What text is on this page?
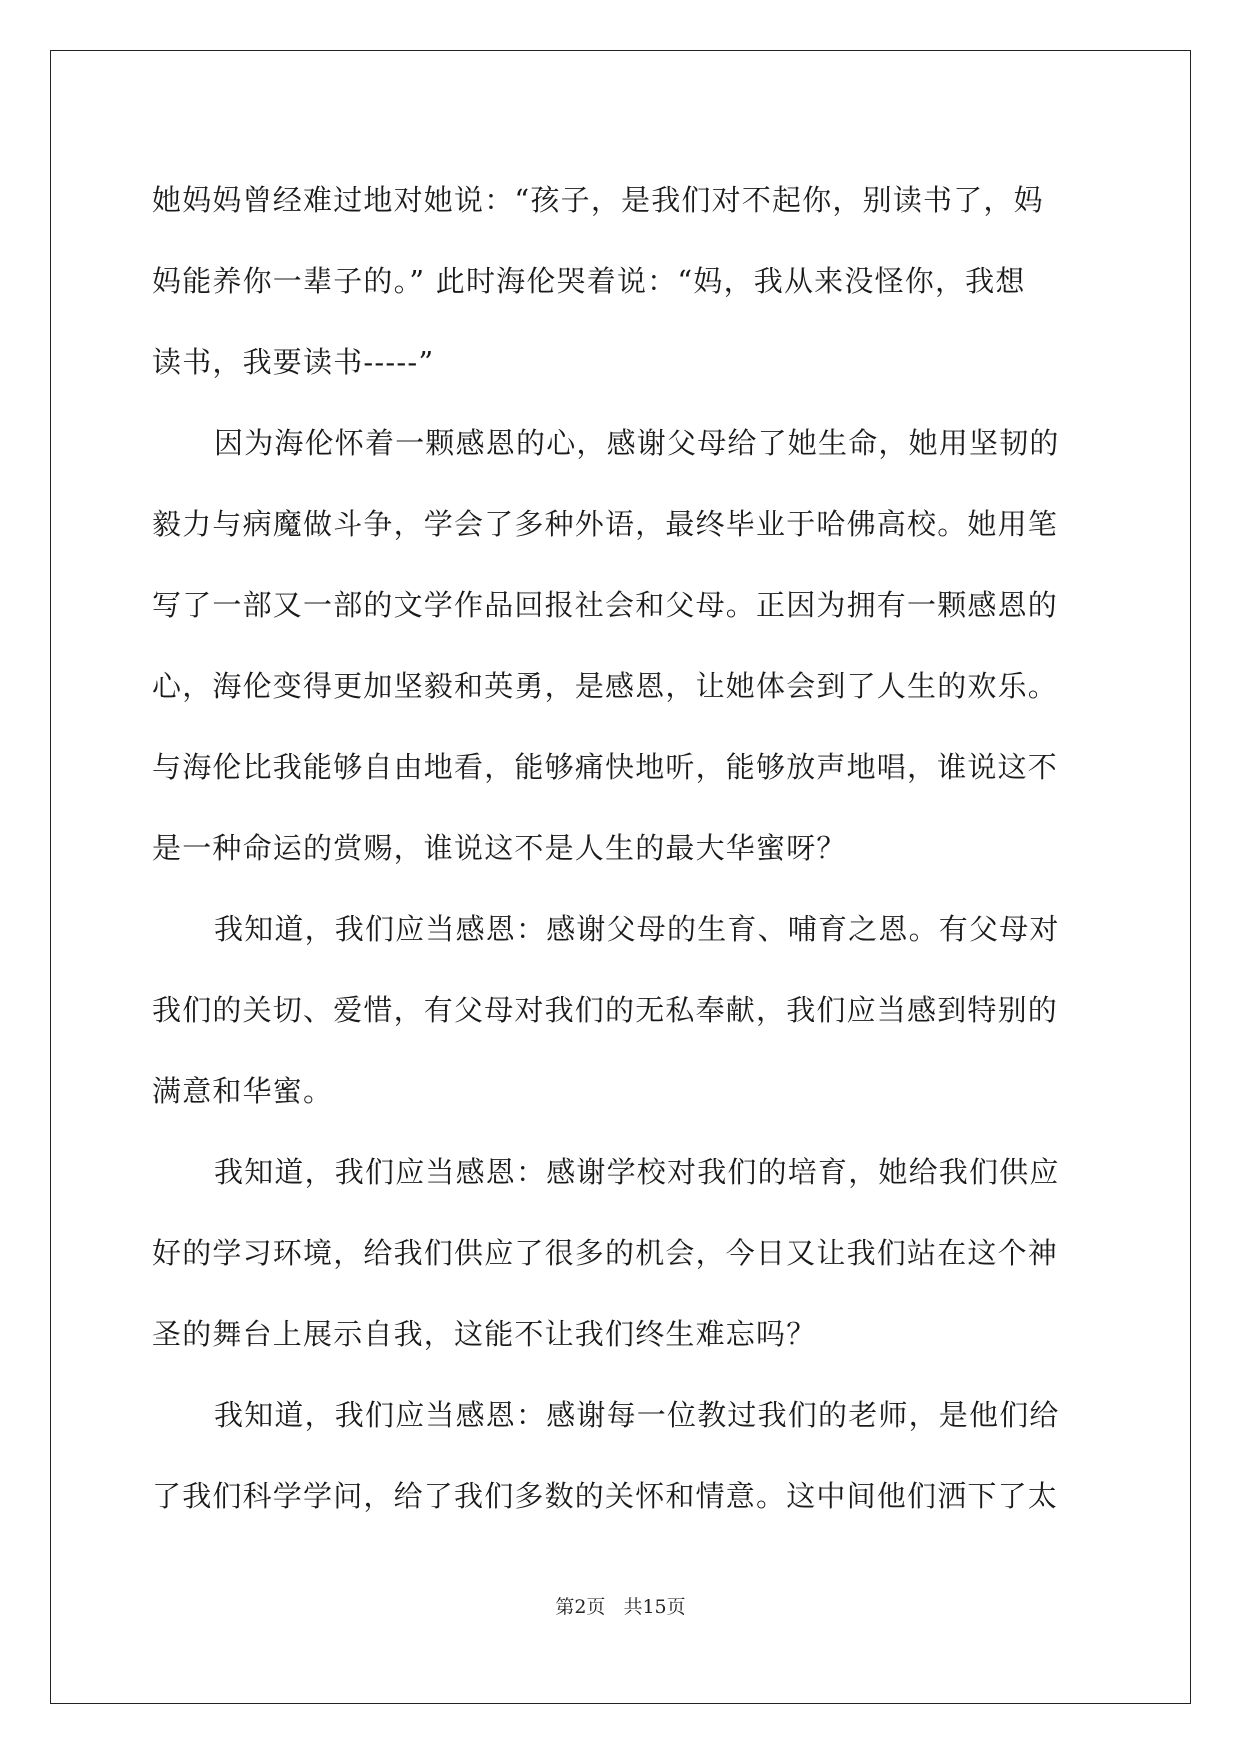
她妈妈曾经难过地对她说：“孩子，是我们对不起你，别读书了，妈
妈能养你一辈子的。” 此时海伦哭着说：“妈，我从来没怪你，我想
读书，我要读书-----”
因为海伦怀着一颗感恩的心，感谢父母给了她生命，她用坚韧的
毅力与病魔做斗争，学会了多种外语，最终毕业于哈佛高校。她用笔
写了一部又一部的文学作品回报社会和父母。正因为拥有一颗感恩的
心，海伦变得更加坚毅和英勇，是感恩，让她体会到了人生的欢乐。
与海伦比我能够自由地看，能够痛快地听，能够放声地唱，谁说这不
是一种命运的赏赐，谁说这不是人生的最大华蜜呀？
我知道，我们应当感恩：感谢父母的生育、哺育之恩。有父母对
我们的关切、爱惜，有父母对我们的无私奉献，我们应当感到特别的
满意和华蜜。
我知道，我们应当感恩：感谢学校对我们的培育，她给我们供应
好的学习环境，给我们供应了很多的机会，今日又让我们站在这个神
圣的舞台上展示自我，这能不让我们终生难忘吗？
我知道，我们应当感恩：感谢每一位教过我们的老师，是他们给
了我们科学学问，给了我们多数的关怀和情意。这中间他们洒下了太
第2页 共15页
